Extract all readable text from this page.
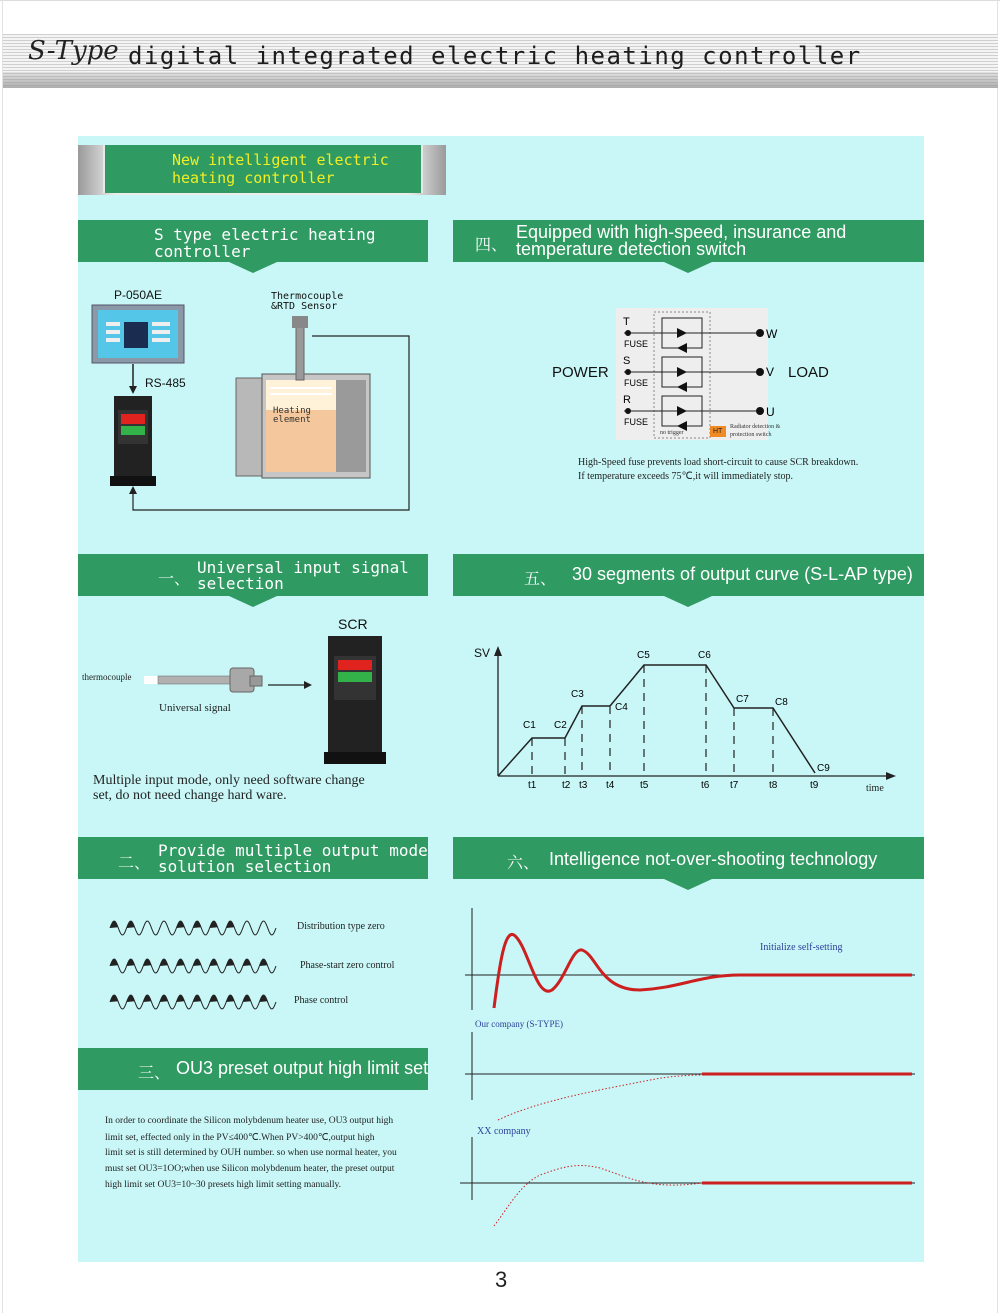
S-Type digital integrated electric heating controller
New intelligent electric
heating controller
S type electric heating
controller	四、
Equipped with high-speed, insurance and
temperature detection switch
P-050AE
RS-485
Thermocouple
&RTD Sensor
Heating
element
POWER	LOAD
T
S
R
FUSE
FUSE
FUSE
W
V
U
no trigger	HT
Radiator detection &
protection switch
High-Speed fuse prevents load short-circuit to cause SCR breakdown.
If temperature exceeds 75℃,it will immediately stop.
一、
Universal input signal
selection	五、 30 segments of output curve (S-L-AP type)
SCR
thermocouple
Universal signal
Multiple input mode, only need software change
set, do not need change hard ware.
SV
time
C1 C2
C3
C4
C5	C6
C7	C8
C9
t1	t2 t3 t4	t5	t6 t7	t8	t9
二、
Provide multiple output mode
solution selection	六、 Intelligence not-over-shooting technology
Distribution type zero
Phase-start zero control
Phase control
三、 OU3 preset output high limit set
In order to coordinate the Silicon molybdenum heater use, OU3 output high
limit set, effected only in the PV≤400℃.When PV>400℃,output high
limit set is still determined by OUH number. so when use normal heater, you
must set OU3=1OO;when use Silicon molybdenum heater, the preset output
high limit set OU3=10~30 presets high limit setting manually.
Initialize self-setting
Our company (S-TYPE)
XX company
3
